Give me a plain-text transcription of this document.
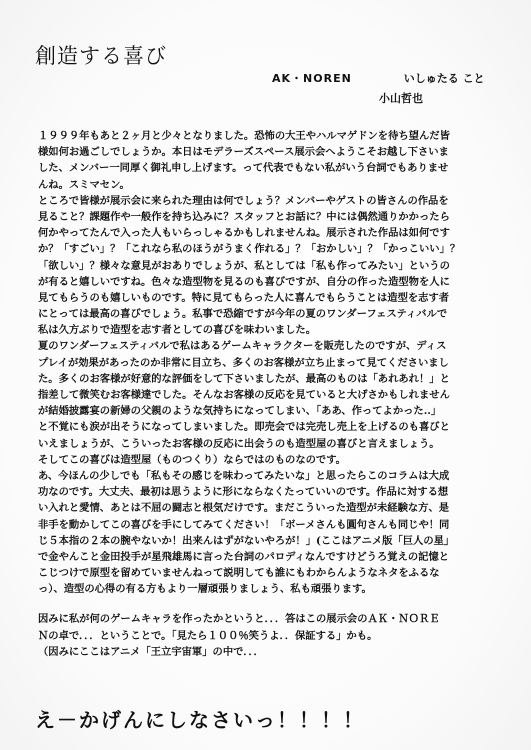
創造する喜び
AK・NOREN	いしゅたる こと
小山哲也
１９９９年もあと２ヶ月と少々となりました。恐怖の大王やハルマゲドンを待ち望んだ皆
様如何お過ごしでしょうか。本日はモデラーズスペース展示会へようこそお越し下さいま
した、メンバー一同厚く御礼申し上げます。って代表でもない私がいう台詞でもありませ
んね。スミマセン。
ところで皆様が展示会に来られた理由は何でしょう？メンバーやゲストの皆さんの作品を
見ること？課題作や一般作を持ち込みに？スタッフとお話に？中には偶然通りかかったら
何かやってたんで入った人もいらっしゃるかもしれませんね。展示された作品は如何です
か？「すごい」？「これなら私のほうがうまく作れる」？「おかしい」？「かっこいい」？
「欲しい」？様々な意見がおありでしょうが、私としては「私も作ってみたい」というの
が有ると嬉しいですね。色々な造型物を見るのも喜びですが、自分の作った造型物を人に
見てもらうのも嬉しいものです。特に見てもらった人に喜んでもらうことは造型を志す者
にとっては最高の喜びでしょう。私事で恐縮ですが今年の夏のワンダーフェスティバルで
私は久方ぶりで造型を志す者としての喜びを味わいました。
夏のワンダーフェスティバルで私はあるゲームキャラクターを販売したのですが、ディス
プレイが効果があったのか非常に目立ち、多くのお客様が立ち止まって見てくださいまし
た。多くのお客様が好意的な評価をして下さいましたが、最高のものは「あれあれ！」と
指差して微笑むお客様達でした。そんなお客様の反応を見ていると大げさかもしれません
が結婚披露宴の新婦の父親のような気持ちになってしまい、「ああ、作ってよかった..」
と不覚にも涙が出そうになってしまいました。即売会では完売し売上を上げるのも喜びと
いえましょうが、こういったお客様の反応に出会うのも造型屋の喜びと言えましょう。
そしてこの喜びは造型屋（ものつくり）ならではのものなのです。
あ、今ほんの少しでも「私もその感じを味わってみたいな」と思ったらこのコラムは大成
功なのです。大丈夫、最初は思うように形にならなくたっていいのです。作品に対する想
い入れと愛情、あとは不屈の闘志と根気だけです。まだこういった造型が未経験な方、是
非手を動かしてこの喜びを手にしてみてください！「ボーメさんも圓句さんも同じや！同
じ５本指の２本の腕やないか！出来んはずがないやろが！」(ここはアニメ版「巨人の星」
で金やんこと金田投手が星飛雄馬に言った台詞のパロディなんですけどうろ覚えの記憶と
こじつけで原型を留めていませんねって説明しても誰にもわからんようなネタをふるな
っ）、造型の心得の有る方もより一層頑張りましょう、私も頑張ります。
因みに私が何のゲームキャラを作ったかというと．．．答はこの展示会のＡＫ・ＮＯＲＥ
Ｎの卓で．．．ということで。「見たら１００％笑うよ．．保証する」かも。
（因みにここはアニメ「王立宇宙軍」の中で．．．
え－かげんにしなさいっ！！！！
